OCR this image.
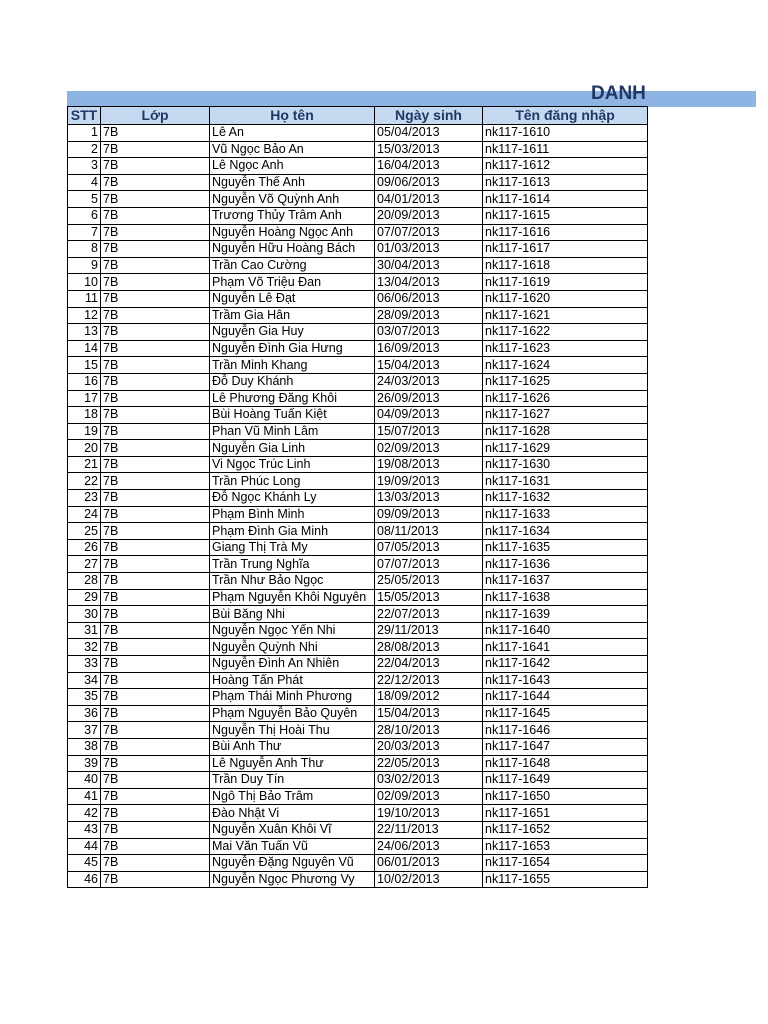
DANH
STT	Lớp	Họ tên	Ngày sinh	Tên đăng nhập
1	7B	Lê An	05/04/2013	nk117-1610
2	7B	Vũ Ngọc Bảo An	15/03/2013	nk117-1611
3	7B	Lê Ngọc Anh	16/04/2013	nk117-1612
4	7B	Nguyễn Thế Anh	09/06/2013	nk117-1613
5	7B	Nguyễn Võ Quỳnh Anh	04/01/2013	nk117-1614
6	7B	Trương Thủy Trâm Anh	20/09/2013	nk117-1615
7	7B	Nguyễn Hoàng Ngọc Anh	07/07/2013	nk117-1616
8	7B	Nguyễn Hữu Hoàng Bách	01/03/2013	nk117-1617
9	7B	Trần Cao Cường	30/04/2013	nk117-1618
10	7B	Phạm Võ Triệu Đan	13/04/2013	nk117-1619
11	7B	Nguyễn Lê Đạt	06/06/2013	nk117-1620
12	7B	Trầm Gia Hân	28/09/2013	nk117-1621
13	7B	Nguyễn Gia Huy	03/07/2013	nk117-1622
14	7B	Nguyễn Đình Gia Hưng	16/09/2013	nk117-1623
15	7B	Trần Minh Khang	15/04/2013	nk117-1624
16	7B	Đỗ Duy Khánh	24/03/2013	nk117-1625
17	7B	Lê Phương Đăng Khôi	26/09/2013	nk117-1626
18	7B	Bùi Hoàng Tuấn Kiệt	04/09/2013	nk117-1627
19	7B	Phan Vũ Minh Lâm	15/07/2013	nk117-1628
20	7B	Nguyễn Gia Linh	02/09/2013	nk117-1629
21	7B	Vi Ngọc Trúc Linh	19/08/2013	nk117-1630
22	7B	Trần Phúc Long	19/09/2013	nk117-1631
23	7B	Đỗ Ngọc Khánh Ly	13/03/2013	nk117-1632
24	7B	Phạm Bình Minh	09/09/2013	nk117-1633
25	7B	Phạm Đình Gia Minh	08/11/2013	nk117-1634
26	7B	Giang Thị Trà My	07/05/2013	nk117-1635
27	7B	Trần Trung Nghĩa	07/07/2013	nk117-1636
28	7B	Trần Như Bảo Ngọc	25/05/2013	nk117-1637
29	7B	Phạm Nguyễn Khôi Nguyên	15/05/2013	nk117-1638
30	7B	Bùi Băng Nhi	22/07/2013	nk117-1639
31	7B	Nguyễn Ngọc Yến Nhi	29/11/2013	nk117-1640
32	7B	Nguyễn Quỳnh Nhi	28/08/2013	nk117-1641
33	7B	Nguyễn Đình An Nhiên	22/04/2013	nk117-1642
34	7B	Hoàng Tấn Phát	22/12/2013	nk117-1643
35	7B	Phạm Thái Minh Phương	18/09/2012	nk117-1644
36	7B	Phạm Nguyễn Bảo Quyên	15/04/2013	nk117-1645
37	7B	Nguyễn Thị Hoài Thu	28/10/2013	nk117-1646
38	7B	Bùi Anh Thư	20/03/2013	nk117-1647
39	7B	Lê Nguyễn Anh Thư	22/05/2013	nk117-1648
40	7B	Trần Duy Tín	03/02/2013	nk117-1649
41	7B	Ngô Thị Bảo Trâm	02/09/2013	nk117-1650
42	7B	Đào Nhật Vi	19/10/2013	nk117-1651
43	7B	Nguyễn Xuân Khôi Vĩ	22/11/2013	nk117-1652
44	7B	Mai Văn Tuấn Vũ	24/06/2013	nk117-1653
45	7B	Nguyễn Đặng Nguyên Vũ	06/01/2013	nk117-1654
46	7B	Nguyễn Ngọc Phương Vy	10/02/2013	nk117-1655
